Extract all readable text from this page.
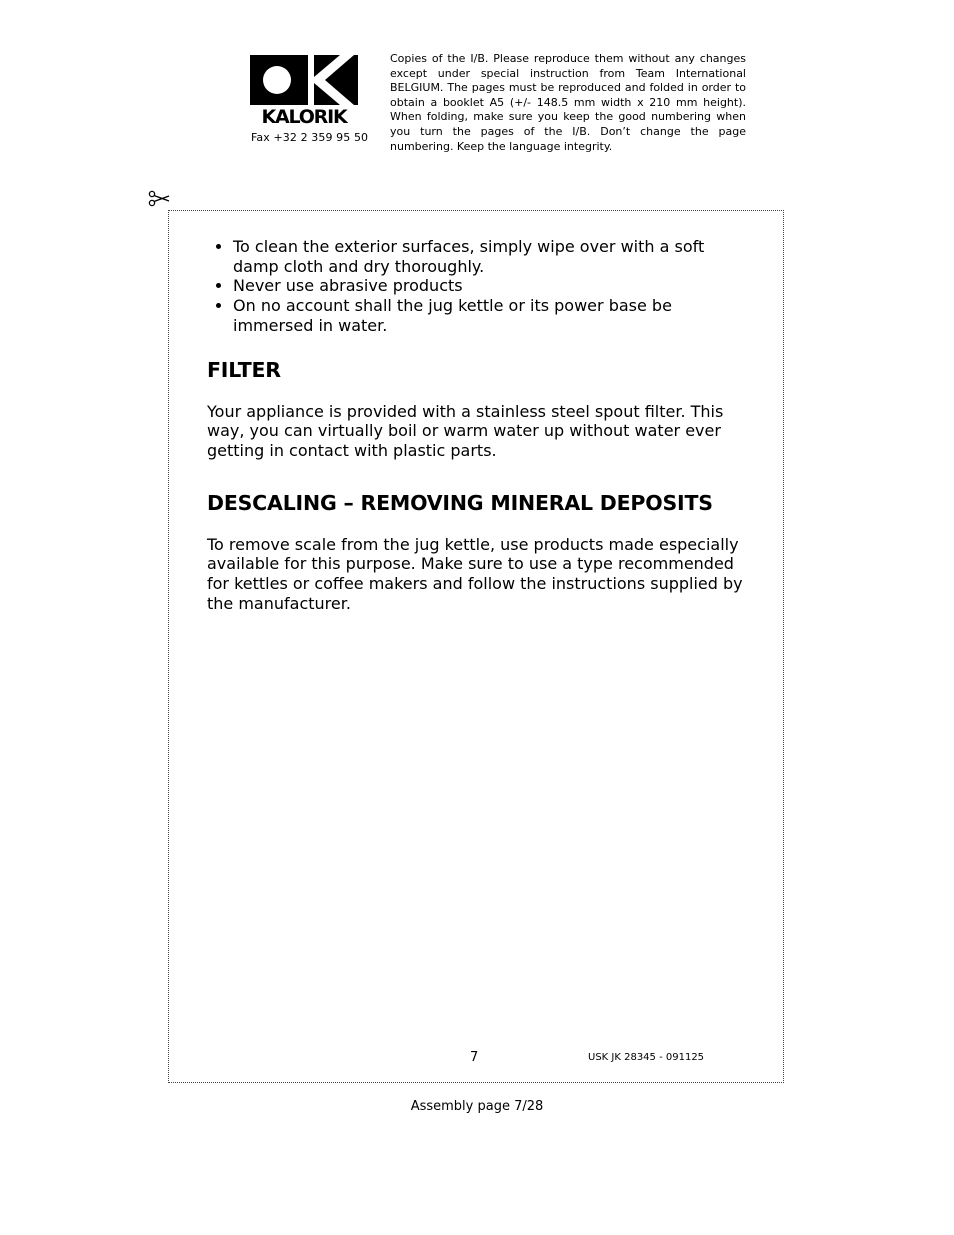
KALORIK
Fax +32 2 359 95 50
Copies of the I/B. Please reproduce them without any changes except under special instruction from Team International BELGIUM. The pages must be reproduced and folded in order to obtain a booklet A5 (+/- 148.5 mm width x 210 mm height). When folding, make sure you keep the good numbering when you turn the pages of the I/B. Don’t change the page numbering. Keep the language integrity.
• To clean the exterior surfaces, simply wipe over with a soft damp cloth and dry thoroughly.
• Never use abrasive products
• On no account shall the jug kettle or its power base be immersed in water.
FILTER

Your appliance is provided with a stainless steel spout filter. This way, you can virtually boil or warm water up without water ever getting in contact with plastic parts.

DESCALING – REMOVING MINERAL DEPOSITS

To remove scale from the jug kettle, use products made especially available for this purpose. Make sure to use a type recommended for kettles or coffee makers and follow the instructions supplied by the manufacturer.

7	USK JK 28345 - 091125
Assembly page 7/28
